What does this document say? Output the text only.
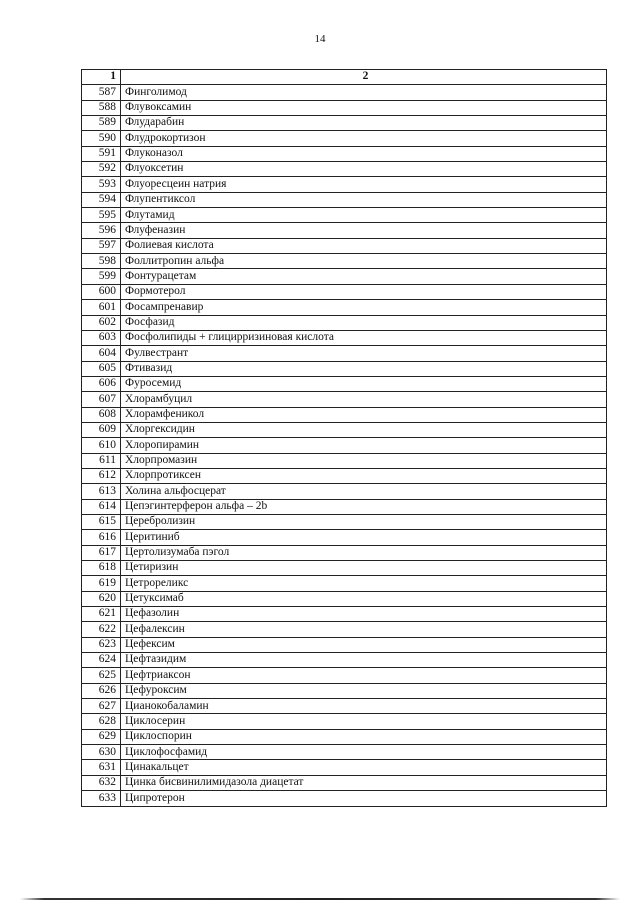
14
1	2
587	Финголимод
588	Флувоксамин
589	Флударабин
590	Флудрокортизон
591	Флуконазол
592	Флуоксетин
593	Флуоресцеин натрия
594	Флупентиксол
595	Флутамид
596	Флуфеназин
597	Фолиевая кислота
598	Фоллитропин альфа
599	Фонтурацетам
600	Формотерол
601	Фосампренавир
602	Фосфазид
603	Фосфолипиды + глицирризиновая кислота
604	Фулвестрант
605	Фтивазид
606	Фуросемид
607	Хлорамбуцил
608	Хлорамфеникол
609	Хлоргексидин
610	Хлоропирамин
611	Хлорпромазин
612	Хлорпротиксен
613	Холина альфосцерат
614	Цепэгинтерферон альфа – 2b
615	Церебролизин
616	Церитиниб
617	Цертолизумаба пэгол
618	Цетиризин
619	Цетрореликс
620	Цетуксимаб
621	Цефазолин
622	Цефалексин
623	Цефексим
624	Цефтазидим
625	Цефтриаксон
626	Цефуроксим
627	Цианокобаламин
628	Циклосерин
629	Циклоспорин
630	Циклофосфамид
631	Цинакальцет
632	Цинка бисвинилимидазола диацетат
633	Ципротерон
